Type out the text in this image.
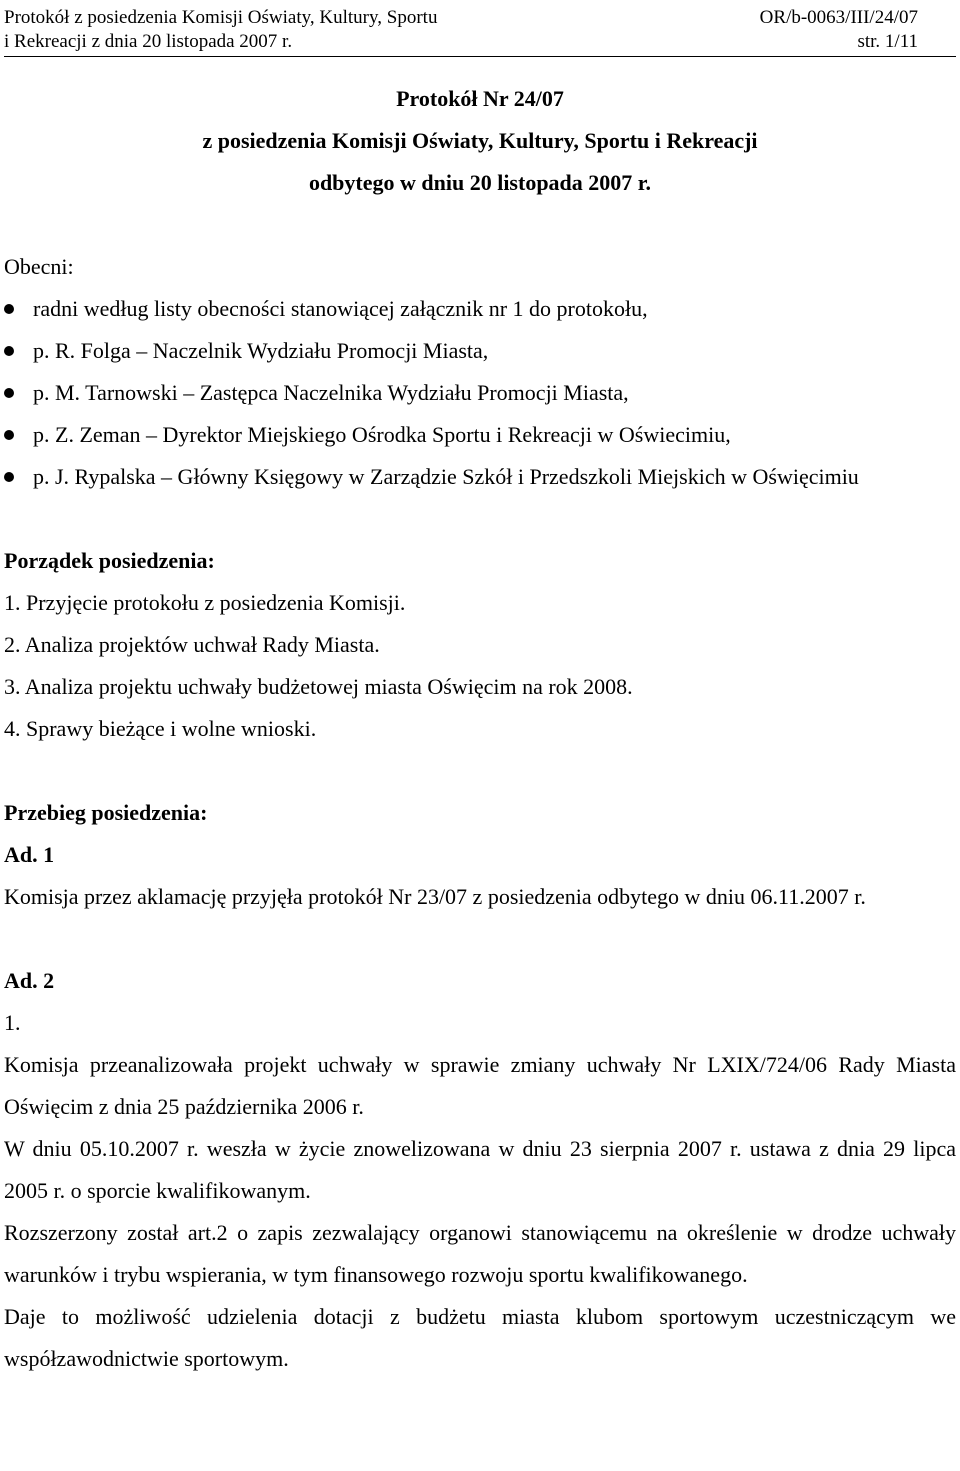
Protokół z posiedzenia Komisji Oświaty, Kultury, Sportu
i Rekreacji z dnia 20 listopada 2007 r.
OR/b-0063/III/24/07
str. 1/11
Protokół Nr 24/07
z posiedzenia Komisji Oświaty, Kultury, Sportu i Rekreacji
odbytego w dniu 20 listopada 2007 r.
Obecni:
radni według listy obecności stanowiącej załącznik nr 1 do protokołu,
p. R. Folga – Naczelnik Wydziału Promocji Miasta,
p. M. Tarnowski – Zastępca Naczelnika Wydziału Promocji Miasta,
p. Z. Zeman – Dyrektor Miejskiego Ośrodka Sportu i Rekreacji w Oświecimiu,
p. J. Rypalska – Główny Księgowy w Zarządzie Szkół i Przedszkoli Miejskich w Oświęcimiu
Porządek posiedzenia:
1. Przyjęcie protokołu z posiedzenia Komisji.
2. Analiza projektów uchwał Rady Miasta.
3. Analiza projektu uchwały budżetowej miasta Oświęcim na rok 2008.
4. Sprawy bieżące i wolne wnioski.
Przebieg posiedzenia:
Ad. 1
Komisja przez aklamację przyjęła protokół Nr 23/07 z posiedzenia odbytego w dniu 06.11.2007 r.
Ad. 2
1.
Komisja przeanalizowała projekt uchwały w sprawie zmiany uchwały Nr LXIX/724/06 Rady Miasta Oświęcim z dnia 25 października 2006 r.
W dniu 05.10.2007 r. weszła w życie znowelizowana w dniu 23 sierpnia 2007 r. ustawa z dnia 29 lipca 2005 r. o sporcie kwalifikowanym.
Rozszerzony został art.2 o zapis zezwalający organowi stanowiącemu na określenie w drodze uchwały warunków i trybu wspierania, w tym finansowego rozwoju sportu kwalifikowanego.
Daje to możliwość udzielenia dotacji z budżetu miasta klubom sportowym uczestniczącym we współzawodnictwie sportowym.
